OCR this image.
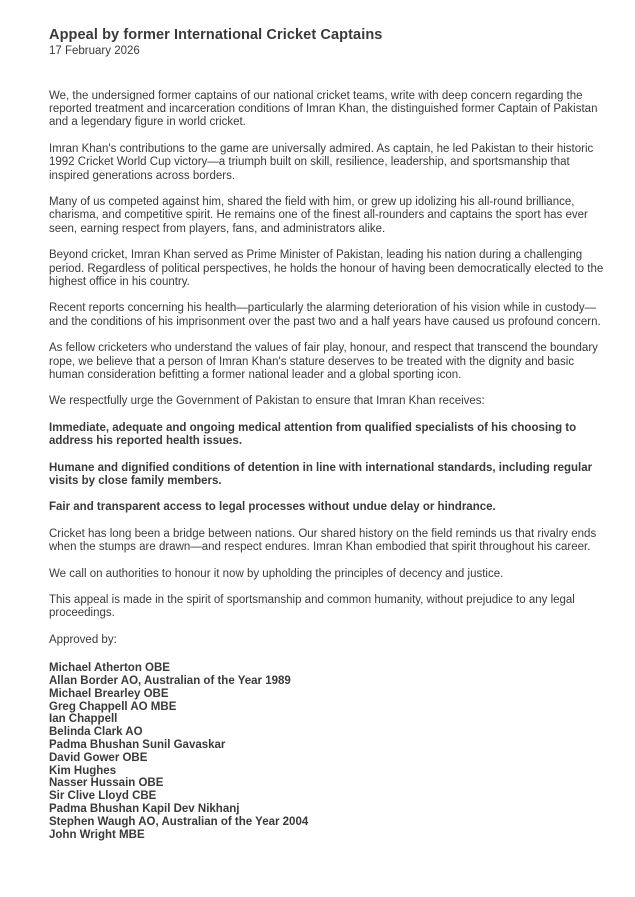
Appeal by former International Cricket Captains
17 February 2026

We, the undersigned former captains of our national cricket teams, write with deep concern regarding the reported treatment and incarceration conditions of Imran Khan, the distinguished former Captain of Pakistan and a legendary figure in world cricket.

Imran Khan's contributions to the game are universally admired. As captain, he led Pakistan to their historic 1992 Cricket World Cup victory—a triumph built on skill, resilience, leadership, and sportsmanship that inspired generations across borders.

Many of us competed against him, shared the field with him, or grew up idolizing his all-round brilliance, charisma, and competitive spirit. He remains one of the finest all-rounders and captains the sport has ever seen, earning respect from players, fans, and administrators alike.

Beyond cricket, Imran Khan served as Prime Minister of Pakistan, leading his nation during a challenging period. Regardless of political perspectives, he holds the honour of having been democratically elected to the highest office in his country.

Recent reports concerning his health—particularly the alarming deterioration of his vision while in custody—and the conditions of his imprisonment over the past two and a half years have caused us profound concern.

As fellow cricketers who understand the values of fair play, honour, and respect that transcend the boundary rope, we believe that a person of Imran Khan's stature deserves to be treated with the dignity and basic human consideration befitting a former national leader and a global sporting icon.

We respectfully urge the Government of Pakistan to ensure that Imran Khan receives:

Immediate, adequate and ongoing medical attention from qualified specialists of his choosing to address his reported health issues.

Humane and dignified conditions of detention in line with international standards, including regular visits by close family members.

Fair and transparent access to legal processes without undue delay or hindrance.

Cricket has long been a bridge between nations. Our shared history on the field reminds us that rivalry ends when the stumps are drawn—and respect endures. Imran Khan embodied that spirit throughout his career.

We call on authorities to honour it now by upholding the principles of decency and justice.

This appeal is made in the spirit of sportsmanship and common humanity, without prejudice to any legal proceedings.

Approved by:

Michael Atherton OBE
Allan Border AO, Australian of the Year 1989
Michael Brearley OBE
Greg Chappell AO MBE
Ian Chappell
Belinda Clark AO
Padma Bhushan Sunil Gavaskar
David Gower OBE
Kim Hughes
Nasser Hussain OBE
Sir Clive Lloyd CBE
Padma Bhushan Kapil Dev Nikhanj
Stephen Waugh AO, Australian of the Year 2004
John Wright MBE
